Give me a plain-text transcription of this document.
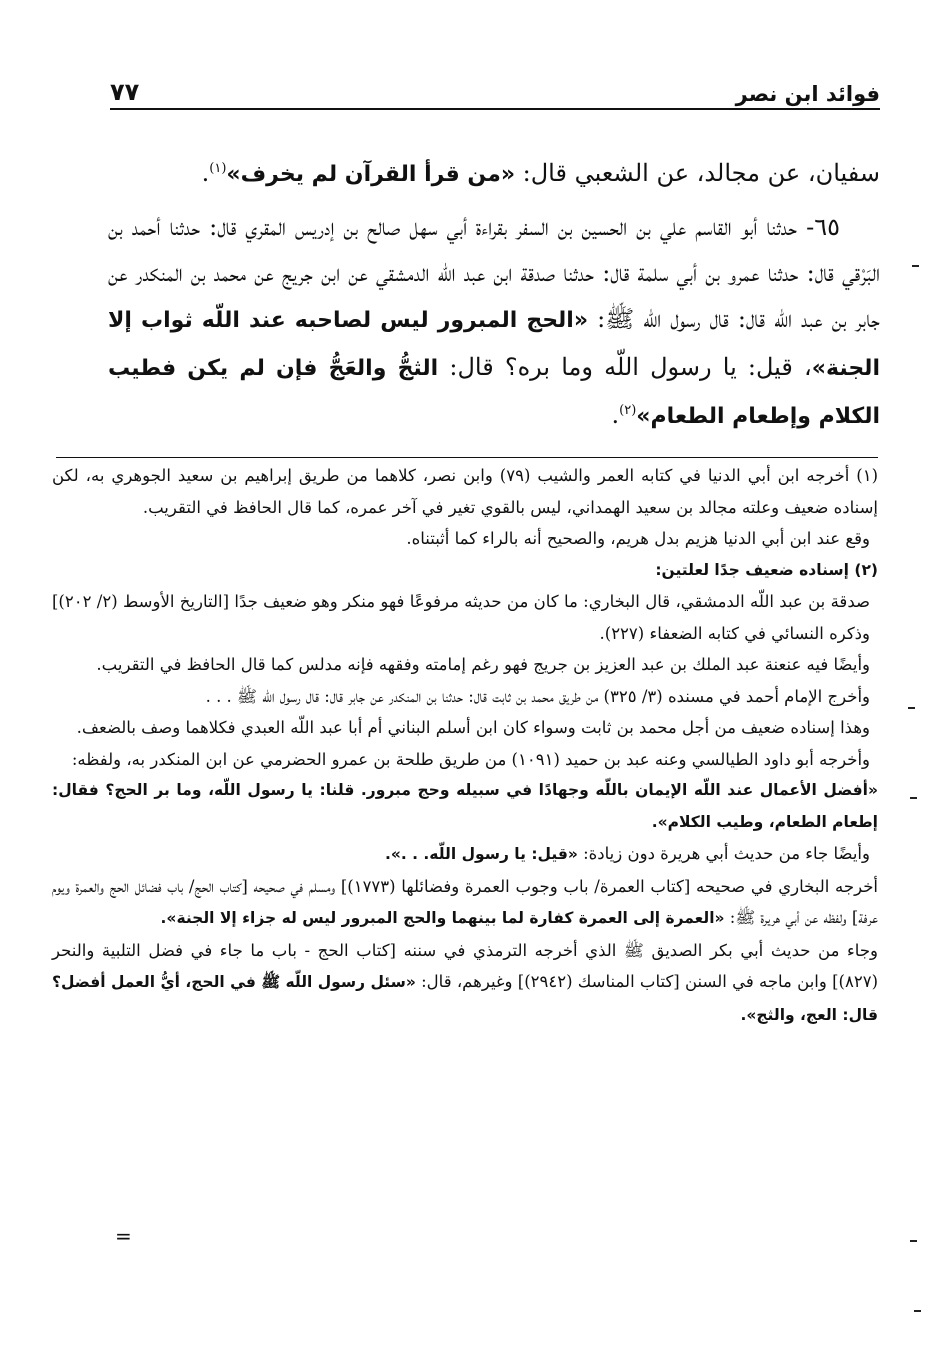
فوائد ابن نصر
٧٧

سفيان، عن مجالد، عن الشعبي قال: «من قرأ القرآن لم يخرف»$^{(١)}$.

٦٥- حدثنا أبو القاسم علي بن الحسين بن السفر بقراءة أبي سهل صالح بن إدريس المقري قال: حدثنا أحمد بن البَرْقي قال: حدثنا عمرو بن أبي سلمة قال: حدثنا صدقة ابن عبد اللّه الدمشقي عن ابن جريج عن محمد بن المنكدر عن جابر بن عبد اللّه قال: قال رسول اللّه ﷺ: «الحج المبرور ليس لصاحبه عند اللّه ثواب إلا الجنة»، قيل: يا رسول اللّه وما بره؟ قال: الثجُّ والعَجُّ فإن لم يكن فطيب الكلام وإطعام الطعام»$^{(٢)}$.

(١) أخرجه ابن أبي الدنيا في كتابه العمر والشيب (٧٩) وابن نصر، كلاهما من طريق إبراهيم بن سعيد الجوهري به، لكن إسناده ضعيف وعلته مجالد بن سعيد الهمداني، ليس بالقوي تغير في آخر عمره، كما قال الحافظ في التقريب.

وقع عند ابن أبي الدنيا هزيم بدل هريم، والصحيح أنه بالراء كما أثبتناه.

(٢) إسناده ضعيف جدًا لعلتين:

صدقة بن عبد اللّه الدمشقي، قال البخاري: ما كان من حديثه مرفوعًا فهو منكر وهو ضعيف جدًا [التاريخ الأوسط (٢/ ٢٠٢)] وذكره النسائي في كتابه الضعفاء (٢٢٧).

وأيضًا فيه عنعنة عبد الملك بن عبد العزيز بن جريج فهو رغم إمامته وفقهه فإنه مدلس كما قال الحافظ في التقريب.

وأخرج الإمام أحمد في مسنده (٣/ ٣٢٥) من طريق محمد بن ثابت قال: حدثنا بن المنكدر عن جابر قال: قال رسول اللّه ﷺ . . .

وهذا إسناده ضعيف من أجل محمد بن ثابت وسواء كان ابن أسلم البناني أم أبا عبد اللّه العبدي فكلاهما وصف بالضعف.

وأخرجه أبو داود الطيالسي وعنه عبد بن حميد (١٠٩١) من طريق طلحة بن عمرو الحضرمي عن ابن المنكدر به، ولفظه:

«أفضل الأعمال عند اللّه الإيمان باللّه وجهادًا في سبيله وحج مبرور. قلنا: يا رسول اللّه، وما بر الحج؟ فقال: إطعام الطعام، وطيب الكلام».

وأيضًا جاء من حديث أبي هريرة دون زيادة: «قيل: يا رسول اللّه. . .».

أخرجه البخاري في صحيحه [كتاب العمرة/ باب وجوب العمرة وفضائلها (١٧٧٣)] ومسلم في صحيحه [كتاب الحج/ باب فضائل الحج والعمرة ويوم عرفة] ولفظه عن أبي هريرة ﷺ: «العمرة إلى العمرة كفارة لما بينهما والحج المبرور ليس له جزاء إلا الجنة».

وجاء من حديث أبي بكر الصديق ﷺ الذي أخرجه الترمذي في سننه [كتاب الحج - باب ما جاء في فضل التلبية والنحر (٨٢٧)] وابن ماجه في السنن [كتاب المناسك (٢٩٤٢)] وغيرهم، قال: «سئل رسول اللّه ﷺ في الحج، أيُّ العمل أفضل؟ قال: العج، والثج».

=
